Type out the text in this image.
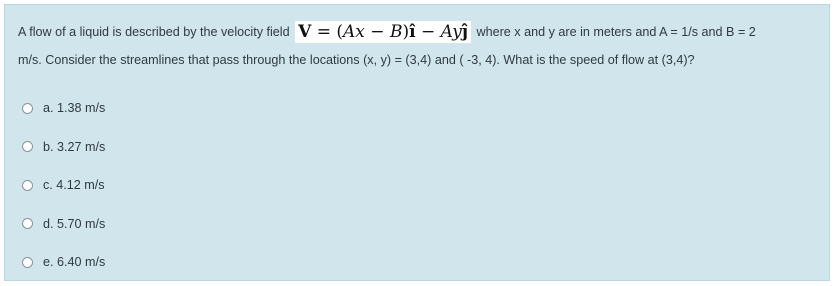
A flow of a liquid is described by the velocity field V = (Ax − B)î − Ayĵ where x and y are in meters and A = 1/s and B = 2
m/s. Consider the streamlines that pass through the locations (x, y) = (3,4) and ( -3, 4). What is the speed of flow at (3,4)?
a. 1.38 m/s
b. 3.27 m/s
c. 4.12 m/s
d. 5.70 m/s
e. 6.40 m/s
